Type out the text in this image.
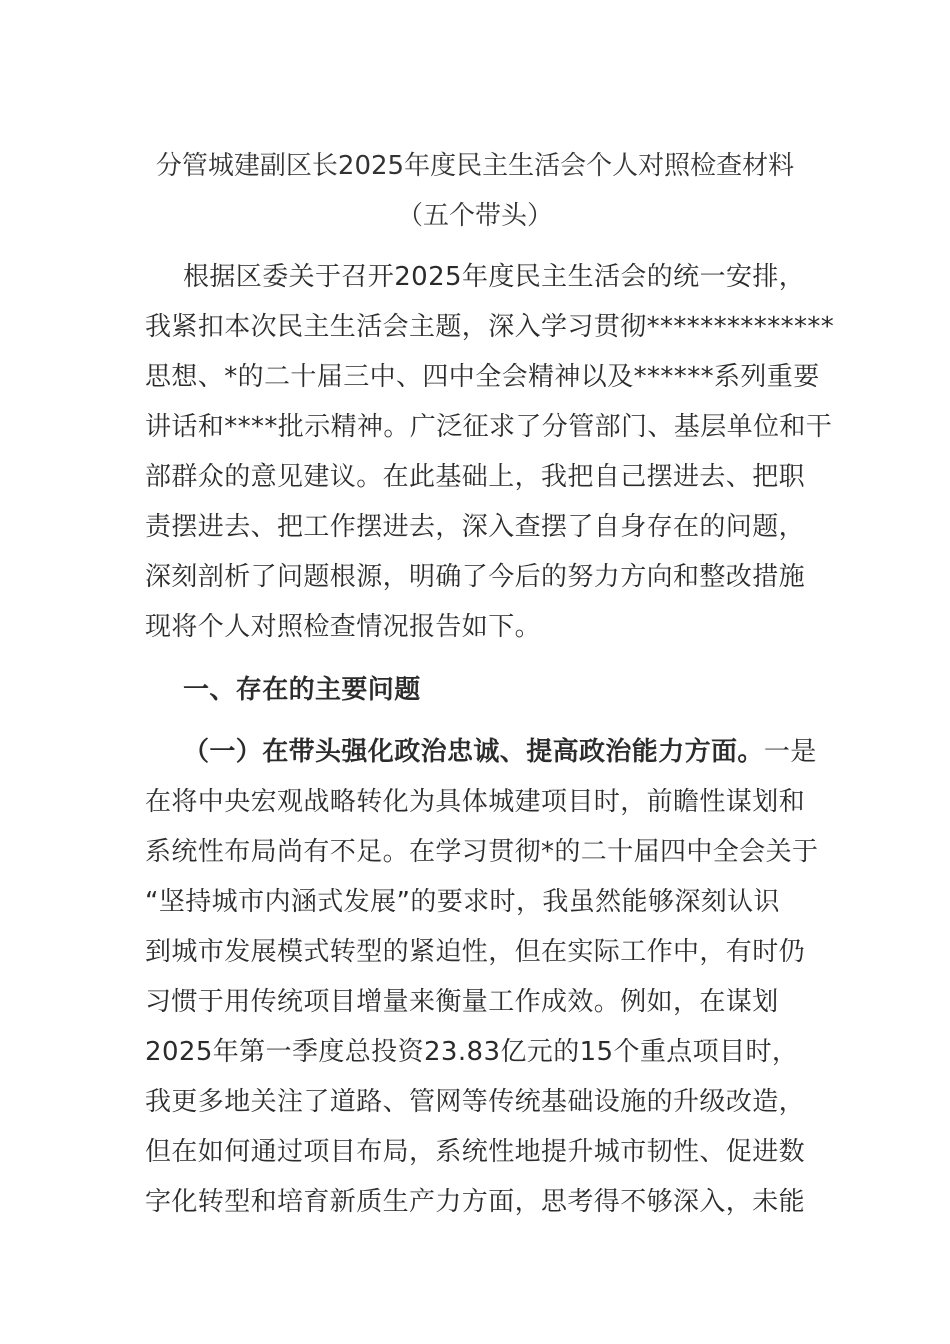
分管城建副区长2025年度民主生活会个人对照检查材料
（五个带头）
根据区委关于召开2025年度民主生活会的统一安排，
我紧扣本次民主生活会主题，深入学习贯彻**************
思想、*的二十届三中、四中全会精神以及******系列重要
讲话和****批示精神。广泛征求了分管部门、基层单位和干
部群众的意见建议。在此基础上，我把自己摆进去、把职
责摆进去、把工作摆进去，深入查摆了自身存在的问题，
深刻剖析了问题根源，明确了今后的努力方向和整改措施
现将个人对照检查情况报告如下。
一、存在的主要问题
（一）在带头强化政治忠诚、提高政治能力方面。一是
在将中央宏观战略转化为具体城建项目时，前瞻性谋划和
系统性布局尚有不足。在学习贯彻*的二十届四中全会关于
“坚持城市内涵式发展”的要求时，我虽然能够深刻认识
到城市发展模式转型的紧迫性，但在实际工作中，有时仍
习惯于用传统项目增量来衡量工作成效。例如，在谋划
2025年第一季度总投资23.83亿元的15个重点项目时，
我更多地关注了道路、管网等传统基础设施的升级改造，
但在如何通过项目布局，系统性地提升城市韧性、促进数
字化转型和培育新质生产力方面，思考得不够深入，未能
